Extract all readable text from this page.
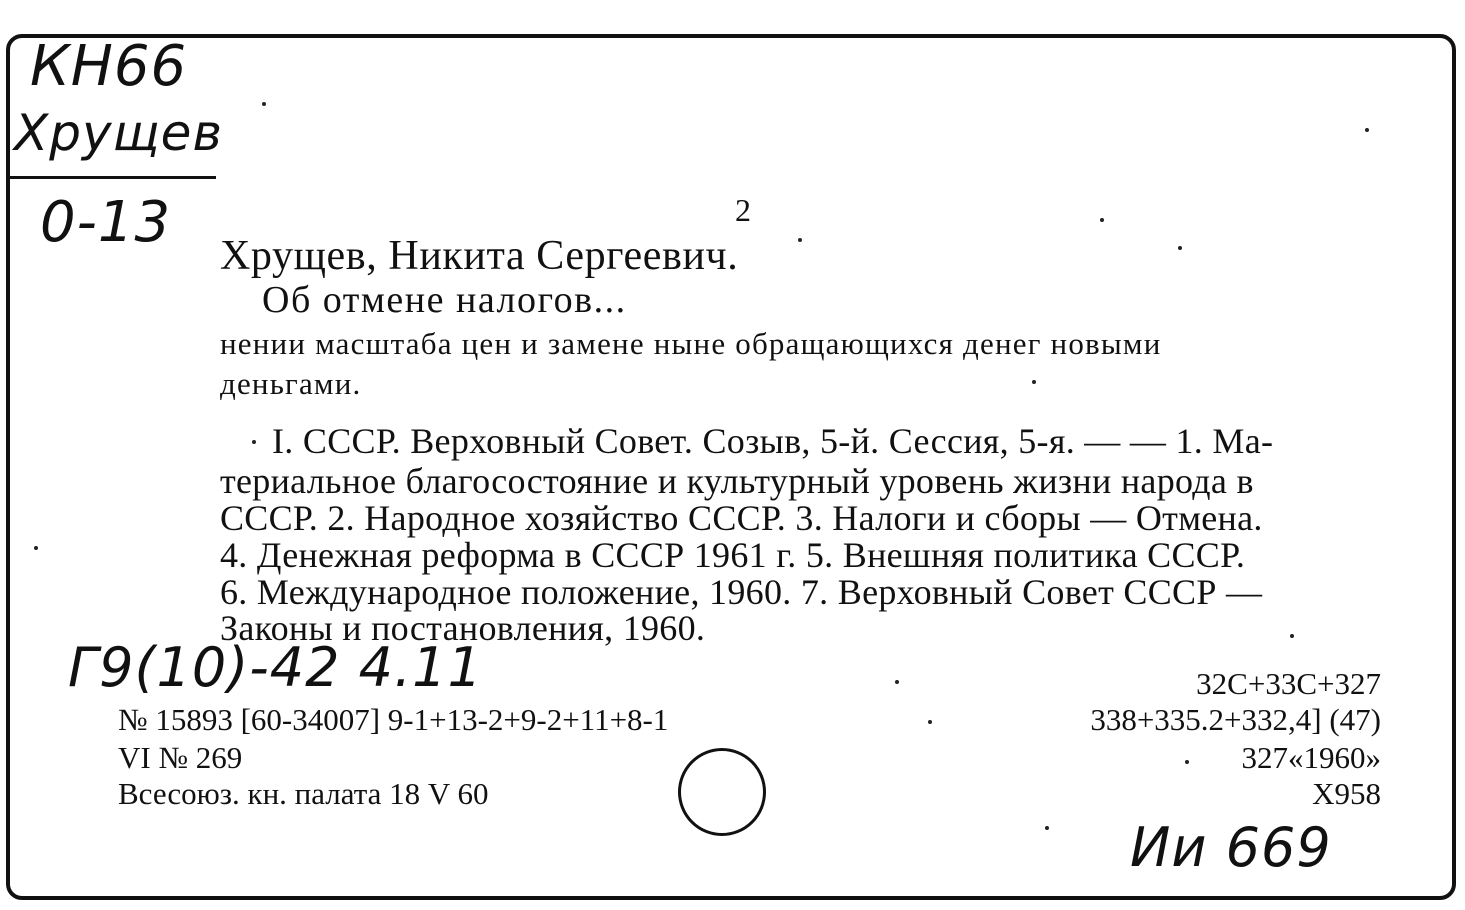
КН66
Хрущев
0-13	2
Хрущев, Никита Сергеевич.
Об отмене налогов...
нении масштаба цен и замене ныне обращающихся денег новыми
деньгами.
I. СССР. Верховный Совет. Созыв, 5-й. Сессия, 5-я. — — 1. Ма-
териальное благосостояние и культурный уровень жизни народа в
СССР. 2. Народное хозяйство СССР. 3. Налоги и сборы — Отмена.
4. Денежная реформа в СССР 1961 г. 5. Внешняя политика СССР.
6. Международное положение, 1960. 7. Верховный Совет СССР —
Законы и постановления, 1960.
Г9(10)-42 4.11
№ 15893 [60-34007] 9-1+13-2+9-2+11+8-1
VI № 269
Всесоюз. кн. палата 18 V 60
32С+33С+327
338+335.2+332,4] (47)
327«1960»
Х958
Ии 669
